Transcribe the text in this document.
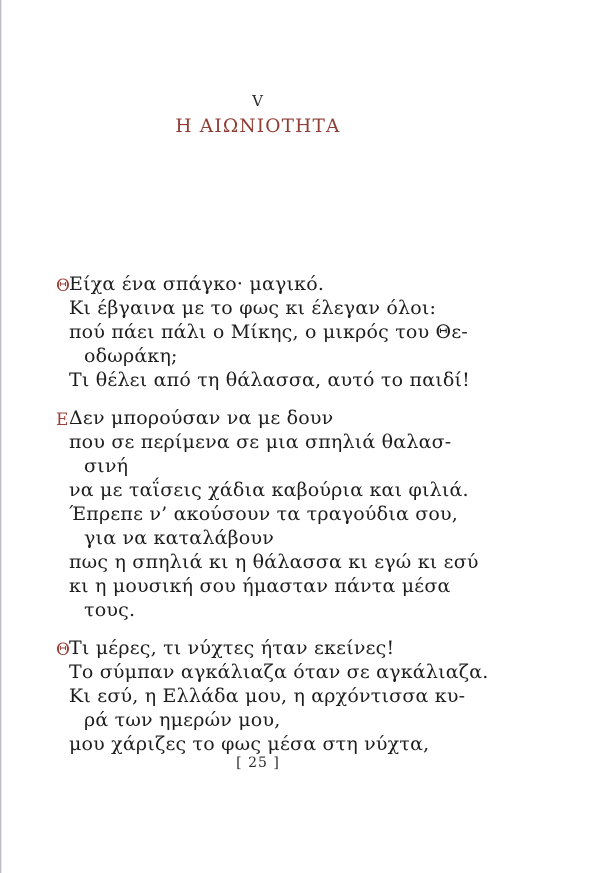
V
Η ΑΙΩΝΙΟΤΗΤΑ
Θ
Είχα ένα σπάγκο· μαγικό.
Κι έβγαινα με το φως κι έλεγαν όλοι:
πού πάει πάλι ο Μίκης, ο μικρός του Θε-
οδωράκη;
Τι θέλει από τη θάλασσα, αυτό το παιδί!
Ε Δεν μπορούσαν να με δουν
που σε περίμενα σε μια σπηλιά θαλασ-
σινή
να με ταΐσεις χάδια καβούρια και φιλιά.
Έπρεπε ν’ ακούσουν τα τραγούδια σου,
για να καταλάβουν
πως η σπηλιά κι η θάλασσα κι εγώ κι εσύ
κι η μουσική σου ήμασταν πάντα μέσα
τους.
Θ
Τι μέρες, τι νύχτες ήταν εκείνες!
Το σύμπαν αγκάλιαζα όταν σε αγκάλιαζα.
Κι εσύ, η Ελλάδα μου, η αρχόντισσα κυ-
ρά των ημερών μου,
μου χάριζες το φως μέσα στη νύχτα,
[ 25 ]
